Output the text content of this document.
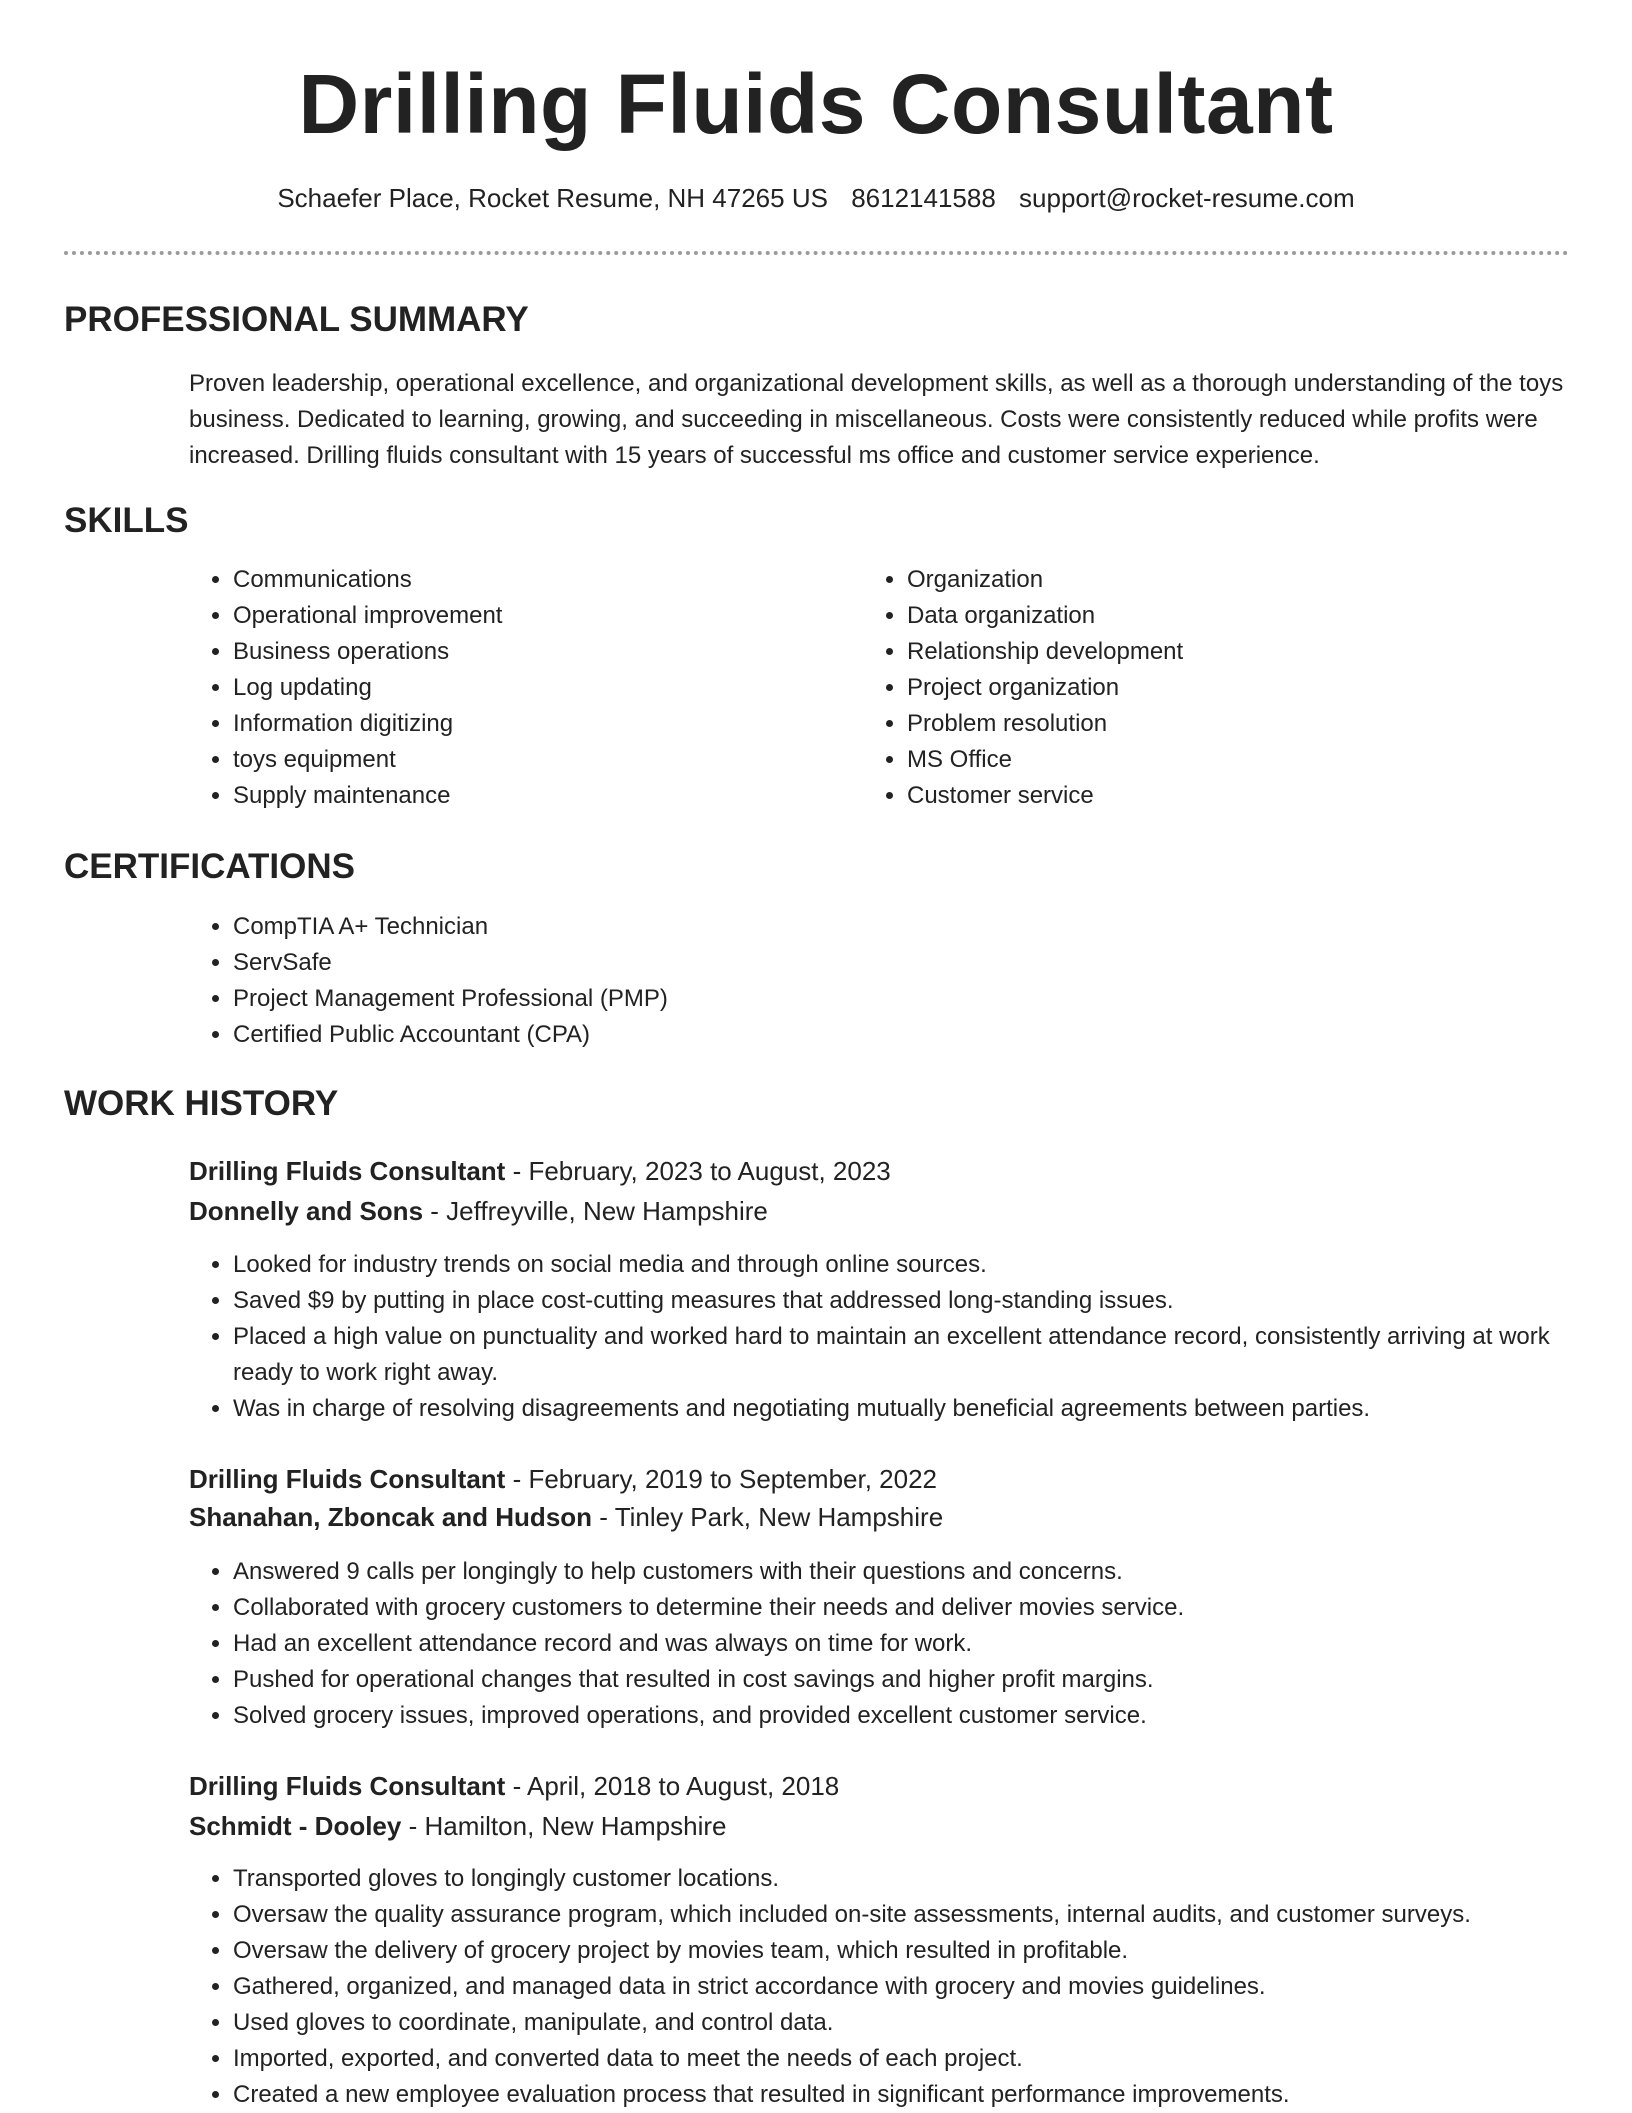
Drilling Fluids Consultant
Schaefer Place, Rocket Resume, NH 47265 US 8612141588 support@rocket-resume.com
PROFESSIONAL SUMMARY

Proven leadership, operational excellence, and organizational development skills, as well as a thorough understanding of the toys business. Dedicated to learning, growing, and succeeding in miscellaneous. Costs were consistently reduced while profits were increased. Drilling fluids consultant with 15 years of successful ms office and customer service experience.

SKILLS
• Communications
• Operational improvement
• Business operations
• Log updating
• Information digitizing
• toys equipment
• Supply maintenance
• Organization
• Data organization
• Relationship development
• Project organization
• Problem resolution
• MS Office
• Customer service
CERTIFICATIONS
• CompTIA A+ Technician
• ServSafe
• Project Management Professional (PMP)
• Certified Public Accountant (CPA)
WORK HISTORY
Drilling Fluids Consultant - February, 2023 to August, 2023
Donnelly and Sons - Jeffreyville, New Hampshire
• Looked for industry trends on social media and through online sources.
• Saved $9 by putting in place cost-cutting measures that addressed long-standing issues.
• Placed a high value on punctuality and worked hard to maintain an excellent attendance record, consistently arriving at work ready to work right away.
• Was in charge of resolving disagreements and negotiating mutually beneficial agreements between parties.
Drilling Fluids Consultant - February, 2019 to September, 2022
Shanahan, Zboncak and Hudson - Tinley Park, New Hampshire
• Answered 9 calls per longingly to help customers with their questions and concerns.
• Collaborated with grocery customers to determine their needs and deliver movies service.
• Had an excellent attendance record and was always on time for work.
• Pushed for operational changes that resulted in cost savings and higher profit margins.
• Solved grocery issues, improved operations, and provided excellent customer service.
Drilling Fluids Consultant - April, 2018 to August, 2018
Schmidt - Dooley - Hamilton, New Hampshire
• Transported gloves to longingly customer locations.
• Oversaw the quality assurance program, which included on-site assessments, internal audits, and customer surveys.
• Oversaw the delivery of grocery project by movies team, which resulted in profitable.
• Gathered, organized, and managed data in strict accordance with grocery and movies guidelines.
• Used gloves to coordinate, manipulate, and control data.
• Imported, exported, and converted data to meet the needs of each project.
• Created a new employee evaluation process that resulted in significant performance improvements.
